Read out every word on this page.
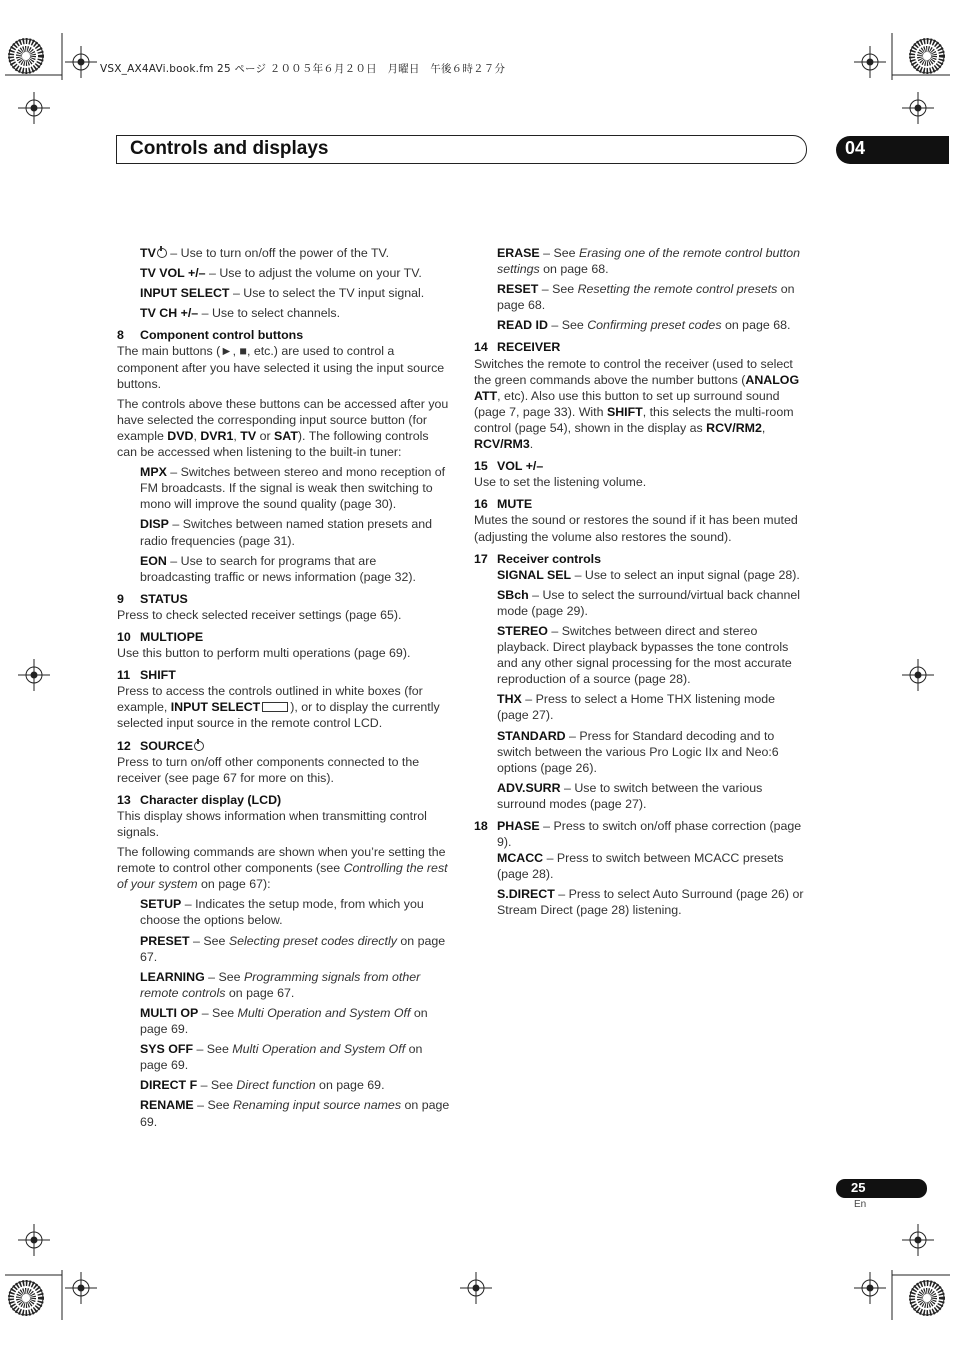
VSX_AX4AVi.book.fm 25 ページ ２００５年６月２０日　月曜日　午後６時２７分
Controls and displays	04
TV – Use to turn on/off the power of the TV.
TV VOL +/– – Use to adjust the volume on your TV.
INPUT SELECT – Use to select the TV input signal.
TV CH +/– – Use to select channels.
8 Component control buttons
The main buttons (►, ■, etc.) are used to control a component after you have selected it using the input source buttons.
The controls above these buttons can be accessed after you have selected the corresponding input source button (for example DVD, DVR1, TV or SAT). The following controls can be accessed when listening to the built-in tuner:
MPX – Switches between stereo and mono reception of FM broadcasts. If the signal is weak then switching to mono will improve the sound quality (page 30).
DISP – Switches between named station presets and radio frequencies (page 31).
EON – Use to search for programs that are broadcasting traffic or news information (page 32).
9 STATUS
Press to check selected receiver settings (page 65).
10 MULTIOPE
Use this button to perform multi operations (page 69).
11 SHIFT
Press to access the controls outlined in white boxes (for example, INPUT SELECT ), or to display the currently selected input source in the remote control LCD.
12 SOURCE
Press to turn on/off other components connected to the receiver (see page 67 for more on this).
13 Character display (LCD)
This display shows information when transmitting control signals.
The following commands are shown when you’re setting the remote to control other components (see Controlling the rest of your system on page 67):
SETUP – Indicates the setup mode, from which you choose the options below.
PRESET – See Selecting preset codes directly on page 67.
LEARNING – See Programming signals from other remote controls on page 67.
MULTI OP – See Multi Operation and System Off on page 69.
SYS OFF – See Multi Operation and System Off on page 69.
DIRECT F – See Direct function on page 69.
RENAME – See Renaming input source names on page 69.
ERASE – See Erasing one of the remote control button settings on page 68.
RESET – See Resetting the remote control presets on page 68.
READ ID – See Confirming preset codes on page 68.
14 RECEIVER
Switches the remote to control the receiver (used to select the green commands above the number buttons (ANALOG ATT, etc). Also use this button to set up surround sound (page 7, page 33). With SHIFT, this selects the multi-room control (page 54), shown in the display as RCV/RM2, RCV/RM3.
15 VOL +/–
Use to set the listening volume.
16 MUTE
Mutes the sound or restores the sound if it has been muted (adjusting the volume also restores the sound).
17 Receiver controls
SIGNAL SEL – Use to select an input signal (page 28).
SBch – Use to select the surround/virtual back channel mode (page 29).
STEREO – Switches between direct and stereo playback. Direct playback bypasses the tone controls and any other signal processing for the most accurate reproduction of a source (page 28).
THX – Press to select a Home THX listening mode (page 27).
STANDARD – Press for Standard decoding and to switch between the various Pro Logic IIx and Neo:6 options (page 26).
ADV.SURR – Use to switch between the various surround modes (page 27).
18 PHASE – Press to switch on/off phase correction (page 9).
MCACC – Press to switch between MCACC presets (page 28).
S.DIRECT – Press to select Auto Surround (page 26) or Stream Direct (page 28) listening.
25
En
